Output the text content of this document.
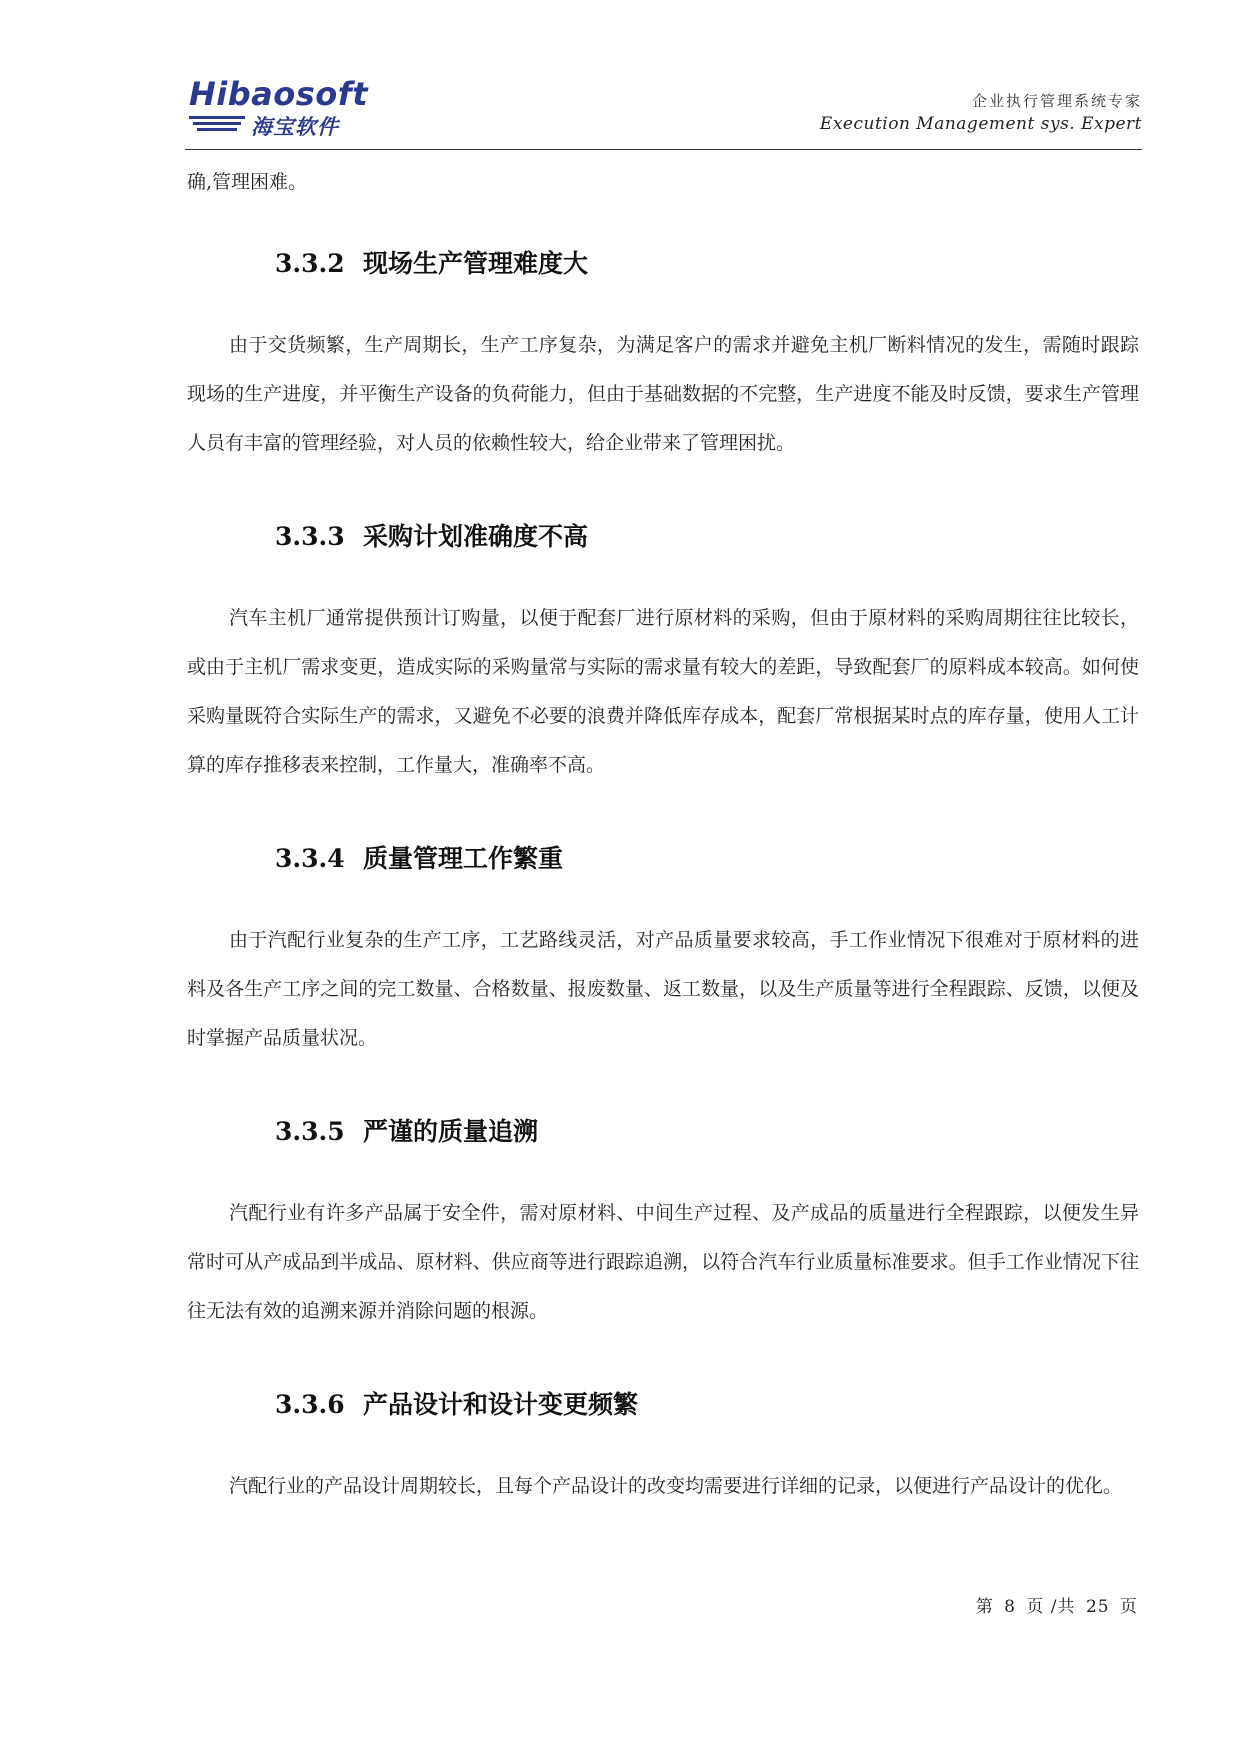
Hibaosoft
海宝软件
企业执行管理系统专家
Execution Management sys. Expert

确,管理困难。

3.3.2 现场生产管理难度大

由于交货频繁，生产周期长，生产工序复杂，为满足客户的需求并避免主机厂断料情况的发生，需随时跟踪现场的生产进度，并平衡生产设备的负荷能力，但由于基础数据的不完整，生产进度不能及时反馈，要求生产管理人员有丰富的管理经验，对人员的依赖性较大，给企业带来了管理困扰。

3.3.3 采购计划准确度不高

汽车主机厂通常提供预计订购量，以便于配套厂进行原材料的采购，但由于原材料的采购周期往往比较长，或由于主机厂需求变更，造成实际的采购量常与实际的需求量有较大的差距，导致配套厂的原料成本较高。如何使采购量既符合实际生产的需求，又避免不必要的浪费并降低库存成本，配套厂常根据某时点的库存量，使用人工计算的库存推移表来控制，工作量大，准确率不高。

3.3.4 质量管理工作繁重

由于汽配行业复杂的生产工序，工艺路线灵活，对产品质量要求较高，手工作业情况下很难对于原材料的进料及各生产工序之间的完工数量、合格数量、报废数量、返工数量，以及生产质量等进行全程跟踪、反馈，以便及时掌握产品质量状况。

3.3.5 严谨的质量追溯

汽配行业有许多产品属于安全件，需对原材料、中间生产过程、及产成品的质量进行全程跟踪，以便发生异常时可从产成品到半成品、原材料、供应商等进行跟踪追溯，以符合汽车行业质量标准要求。但手工作业情况下往往无法有效的追溯来源并消除问题的根源。

3.3.6 产品设计和设计变更频繁

汽配行业的产品设计周期较长，且每个产品设计的改变均需要进行详细的记录，以便进行产品设计的优化。

第 8 页 /共 25 页
